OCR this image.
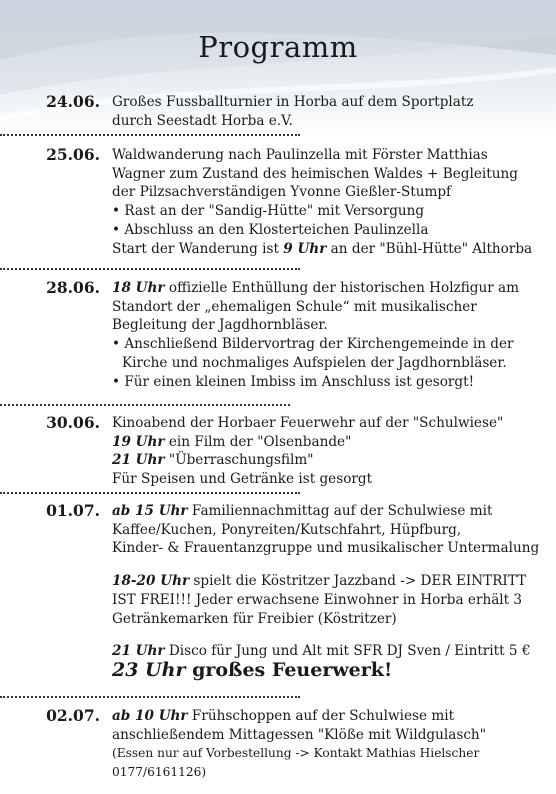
Programm
24.06. Großes Fussballturnier in Horba auf dem Sportplatz

durch Seestadt Horba e.V.

25.06. Waldwanderung nach Paulinzella mit Förster Matthias

Wagner zum Zustand des heimischen Waldes + Begleitung

der Pilzsachverständigen Yvonne Gießler-Stumpf

• Rast an der "Sandig-Hütte" mit Versorgung

• Abschluss an den Klosterteichen Paulinzella

Start der Wanderung ist 9 Uhr an der "Bühl-Hütte" Althorba

28.06. 18 Uhr offizielle Enthüllung der historischen Holzfigur am

Standort der „ehemaligen Schule“ mit musikalischer

Begleitung der Jagdhornbläser.

• Anschließend Bildervortrag der Kirchengemeinde in der

Kirche und nochmaliges Aufspielen der Jagdhornbläser.

• Für einen kleinen Imbiss im Anschluss ist gesorgt!

30.06. Kinoabend der Horbaer Feuerwehr auf der "Schulwiese"

19 Uhr ein Film der "Olsenbande"

21 Uhr "Überraschungsfilm"

Für Speisen und Getränke ist gesorgt

01.07. ab 15 Uhr Familiennachmittag auf der Schulwiese mit

Kaffee/Kuchen, Ponyreiten/Kutschfahrt, Hüpfburg,

Kinder- & Frauentanzgruppe und musikalischer Untermalung

18-20 Uhr spielt die Köstritzer Jazzband -> DER EINTRITT

IST FREI!!! Jeder erwachsene Einwohner in Horba erhält 3

Getränkemarken für Freibier (Köstritzer)

21 Uhr Disco für Jung und Alt mit SFR DJ Sven / Eintritt 5 €

23 Uhr großes Feuerwerk!

02.07. ab 10 Uhr Frühschoppen auf der Schulwiese mit

anschließendem Mittagessen "Klöße mit Wildgulasch"

(Essen nur auf Vorbestellung -> Kontakt Mathias Hielscher 0177/6161126)
